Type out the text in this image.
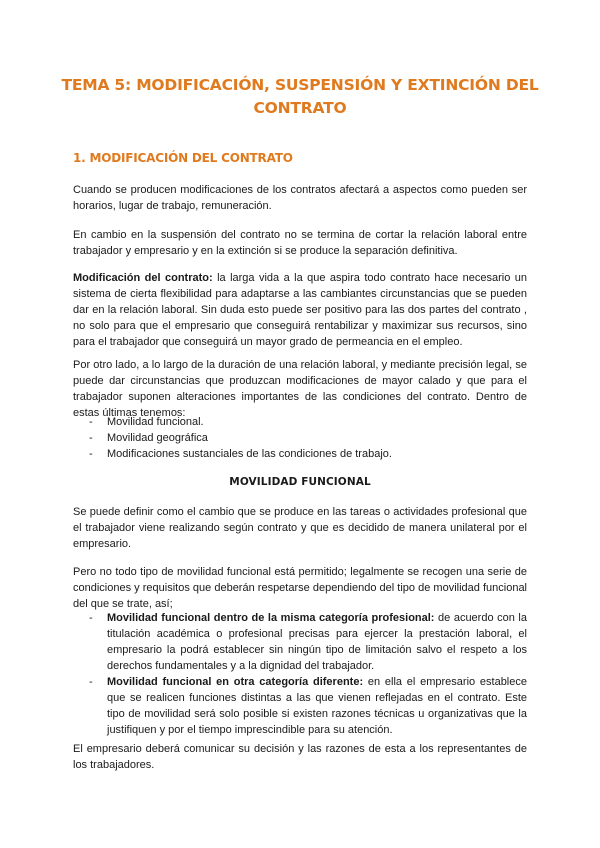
TEMA 5: MODIFICACIÓN, SUSPENSIÓN Y EXTINCIÓN DEL
CONTRATO
1. MODIFICACIÓN DEL CONTRATO

Cuando se producen modificaciones de los contratos afectará a aspectos como pueden ser horarios, lugar de trabajo, remuneración.

En cambio en la suspensión del contrato no se termina de cortar la relación laboral entre trabajador y empresario y en la extinción si se produce la separación definitiva.

Modificación del contrato: la larga vida a la que aspira todo contrato hace necesario un sistema de cierta flexibilidad para adaptarse a las cambiantes circunstancias que se pueden dar en la relación laboral. Sin duda esto puede ser positivo para las dos partes del contrato , no solo para que el empresario que conseguirá rentabilizar y maximizar sus recursos, sino para el trabajador que conseguirá un mayor grado de permeancia en el empleo.

Por otro lado, a lo largo de la duración de una relación laboral, y mediante precisión legal, se puede dar circunstancias que produzcan modificaciones de mayor calado y que para el trabajador suponen alteraciones importantes de las condiciones del contrato. Dentro de estas últimas tenemos:

- Movilidad funcional.
- Movilidad geográfica
- Modificaciones sustanciales de las condiciones de trabajo.
MOVILIDAD FUNCIONAL

Se puede definir como el cambio que se produce en las tareas o actividades profesional que el trabajador viene realizando según contrato y que es decidido de manera unilateral por el empresario.

Pero no todo tipo de movilidad funcional está permitido; legalmente se recogen una serie de condiciones y requisitos que deberán respetarse dependiendo del tipo de movilidad funcional del que se trate, así;

- Movilidad funcional dentro de la misma categoría profesional: de acuerdo con la titulación académica o profesional precisas para ejercer la prestación laboral, el empresario la podrá establecer sin ningún tipo de limitación salvo el respeto a los derechos fundamentales y a la dignidad del trabajador.
- Movilidad funcional en otra categoría diferente: en ella el empresario establece que se realicen funciones distintas a las que vienen reflejadas en el contrato. Este tipo de movilidad será solo posible si existen razones técnicas u organizativas que la justifiquen y por el tiempo imprescindible para su atención.

El empresario deberá comunicar su decisión y las razones de esta a los representantes de los trabajadores.
